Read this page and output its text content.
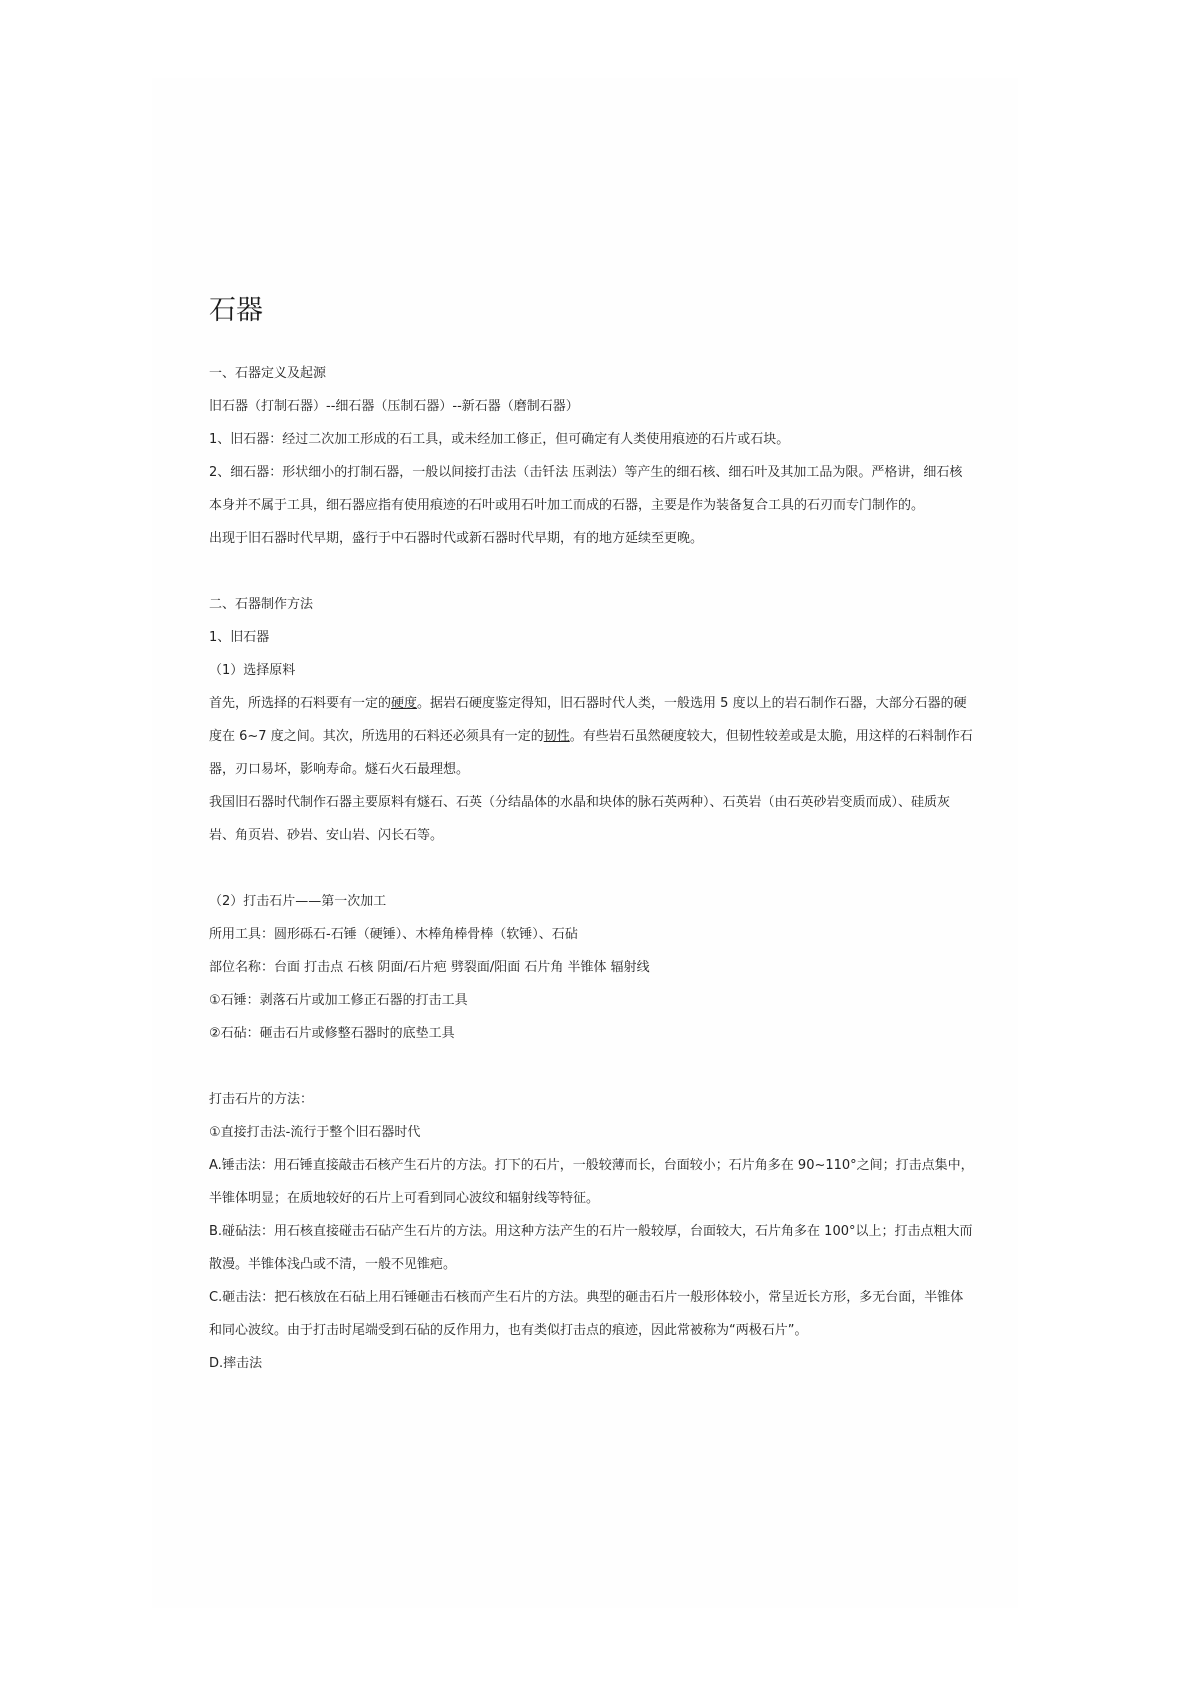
石器
一、石器定义及起源
旧石器（打制石器）--细石器（压制石器）--新石器（磨制石器）
1、旧石器：经过二次加工形成的石工具，或未经加工修正，但可确定有人类使用痕迹的石片或石块。
2、细石器：形状细小的打制石器，一般以间接打击法（击钎法 压剥法）等产生的细石核、细石叶及其加工品为限。严格讲，细石核
本身并不属于工具，细石器应指有使用痕迹的石叶或用石叶加工而成的石器，主要是作为装备复合工具的石刃而专门制作的。
出现于旧石器时代早期，盛行于中石器时代或新石器时代早期，有的地方延续至更晚。
二、石器制作方法
1、旧石器
（1）选择原料
首先，所选择的石料要有一定的硬度。据岩石硬度鉴定得知，旧石器时代人类，一般选用 5 度以上的岩石制作石器，大部分石器的硬
度在 6~7 度之间。其次，所选用的石料还必须具有一定的韧性。有些岩石虽然硬度较大，但韧性较差或是太脆，用这样的石料制作石
器，刃口易坏，影响寿命。燧石火石最理想。
我国旧石器时代制作石器主要原料有燧石、石英（分结晶体的水晶和块体的脉石英两种）、石英岩（由石英砂岩变质而成）、硅质灰
岩、角页岩、砂岩、安山岩、闪长石等。
（2）打击石片——第一次加工
所用工具：圆形砾石-石锤（硬锤）、木棒角棒骨棒（软锤）、石砧
部位名称：台面 打击点 石核 阴面/石片疤 劈裂面/阳面 石片角 半锥体 辐射线
①石锤：剥落石片或加工修正石器的打击工具
②石砧：砸击石片或修整石器时的底垫工具
打击石片的方法：
①直接打击法-流行于整个旧石器时代
A.锤击法：用石锤直接敲击石核产生石片的方法。打下的石片，一般较薄而长，台面较小；石片角多在 90~110°之间；打击点集中，
半锥体明显；在质地较好的石片上可看到同心波纹和辐射线等特征。
B.碰砧法：用石核直接碰击石砧产生石片的方法。用这种方法产生的石片一般较厚，台面较大，石片角多在 100°以上；打击点粗大而
散漫。半锥体浅凸或不清，一般不见锥疤。
C.砸击法：把石核放在石砧上用石锤砸击石核而产生石片的方法。典型的砸击石片一般形体较小，常呈近长方形，多无台面，半锥体
和同心波纹。由于打击时尾端受到石砧的反作用力，也有类似打击点的痕迹，因此常被称为“两极石片”。
D.摔击法
